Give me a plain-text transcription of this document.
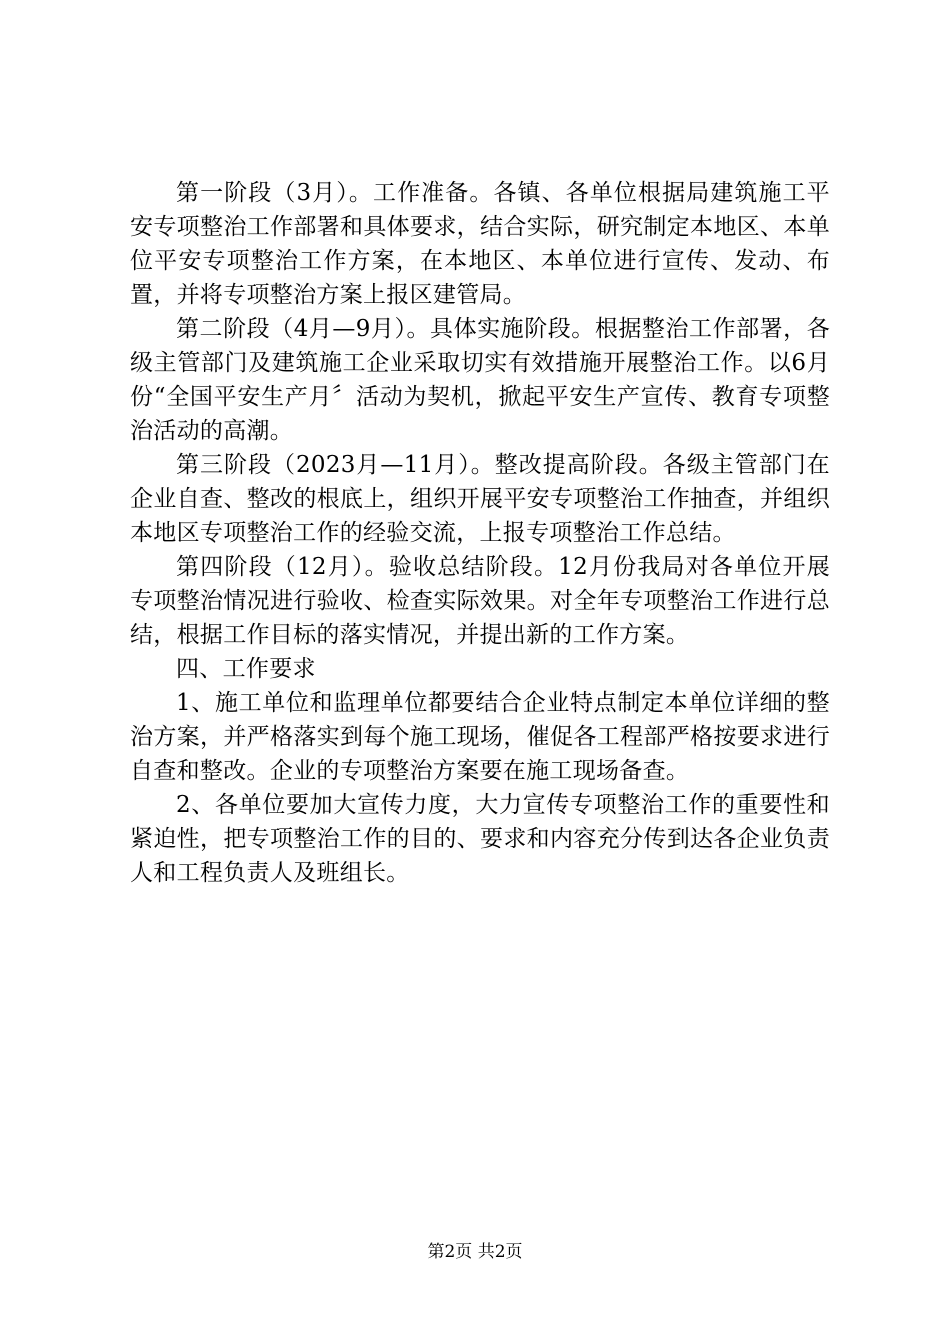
第一阶段（3月）。工作准备。各镇、各单位根据局建筑施工平安专项整治工作部署和具体要求，结合实际，研究制定本地区、本单位平安专项整治工作方案，在本地区、本单位进行宣传、发动、布置，并将专项整治方案上报区建管局。

第二阶段（4月—9月）。具体实施阶段。根据整治工作部署，各级主管部门及建筑施工企业采取切实有效措施开展整治工作。以6月份“全国平安生产月〞活动为契机，掀起平安生产宣传、教育专项整治活动的高潮。

第三阶段（2023月—11月）。整改提高阶段。各级主管部门在企业自查、整改的根底上，组织开展平安专项整治工作抽查，并组织本地区专项整治工作的经验交流，上报专项整治工作总结。

第四阶段（12月）。验收总结阶段。12月份我局对各单位开展专项整治情况进行验收、检查实际效果。对全年专项整治工作进行总结，根据工作目标的落实情况，并提出新的工作方案。

四、工作要求

1、施工单位和监理单位都要结合企业特点制定本单位详细的整治方案，并严格落实到每个施工现场，催促各工程部严格按要求进行自查和整改。企业的专项整治方案要在施工现场备查。

2、各单位要加大宣传力度，大力宣传专项整治工作的重要性和紧迫性，把专项整治工作的目的、要求和内容充分传到达各企业负责人和工程负责人及班组长。

第2页 共2页
